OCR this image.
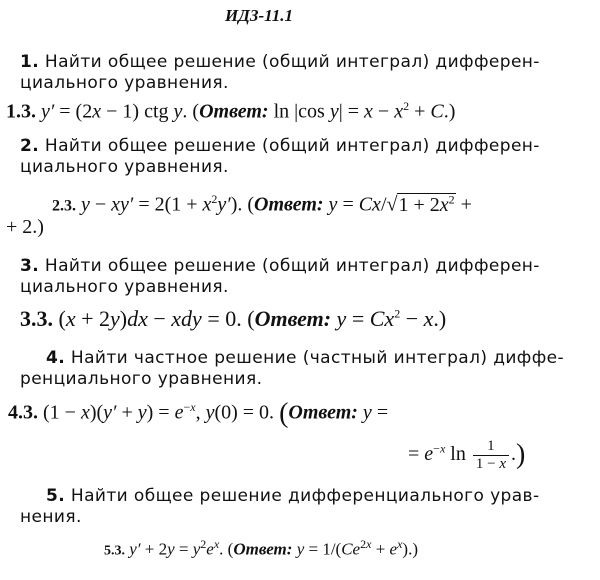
ИДЗ-11.1
1. Найти общее решение (общий интеграл) дифферен-
циального уравнения.
1.3. y′ = (2x − 1) ctg y. (Ответ: ln |cos $y| = x - x^2 + C$.)
2. Найти общее решение (общий интеграл) дифферен-
циального уравнения.
2.3. $y - xy' = 2(1 + x^2y')$. (Ответ: $y = Cx/√1 + 2x^2$ +
+ 2.)
3. Найти общее решение (общий интеграл) дифферен-
циального уравнения.
3.3. (x + 2y)dx − xdy = 0. (Ответ: $y = Cx^2 - x$.)
4. Найти частное решение (частный интеграл) диффе-
ренциального уравнения.
4.3. $(1 - x)(y' + y) = e^{-x}$, y(0) = 0. (Ответ: y =
= $e^{-x}$ $\ln \frac{1}{1 - x}$ .)
5. Найти общее решение дифференциального урав-
нения.
5.3. $y' + 2y = y^2e^x$. (Ответ: $y = 1/(Ce^{2x} + e^x)$.)
